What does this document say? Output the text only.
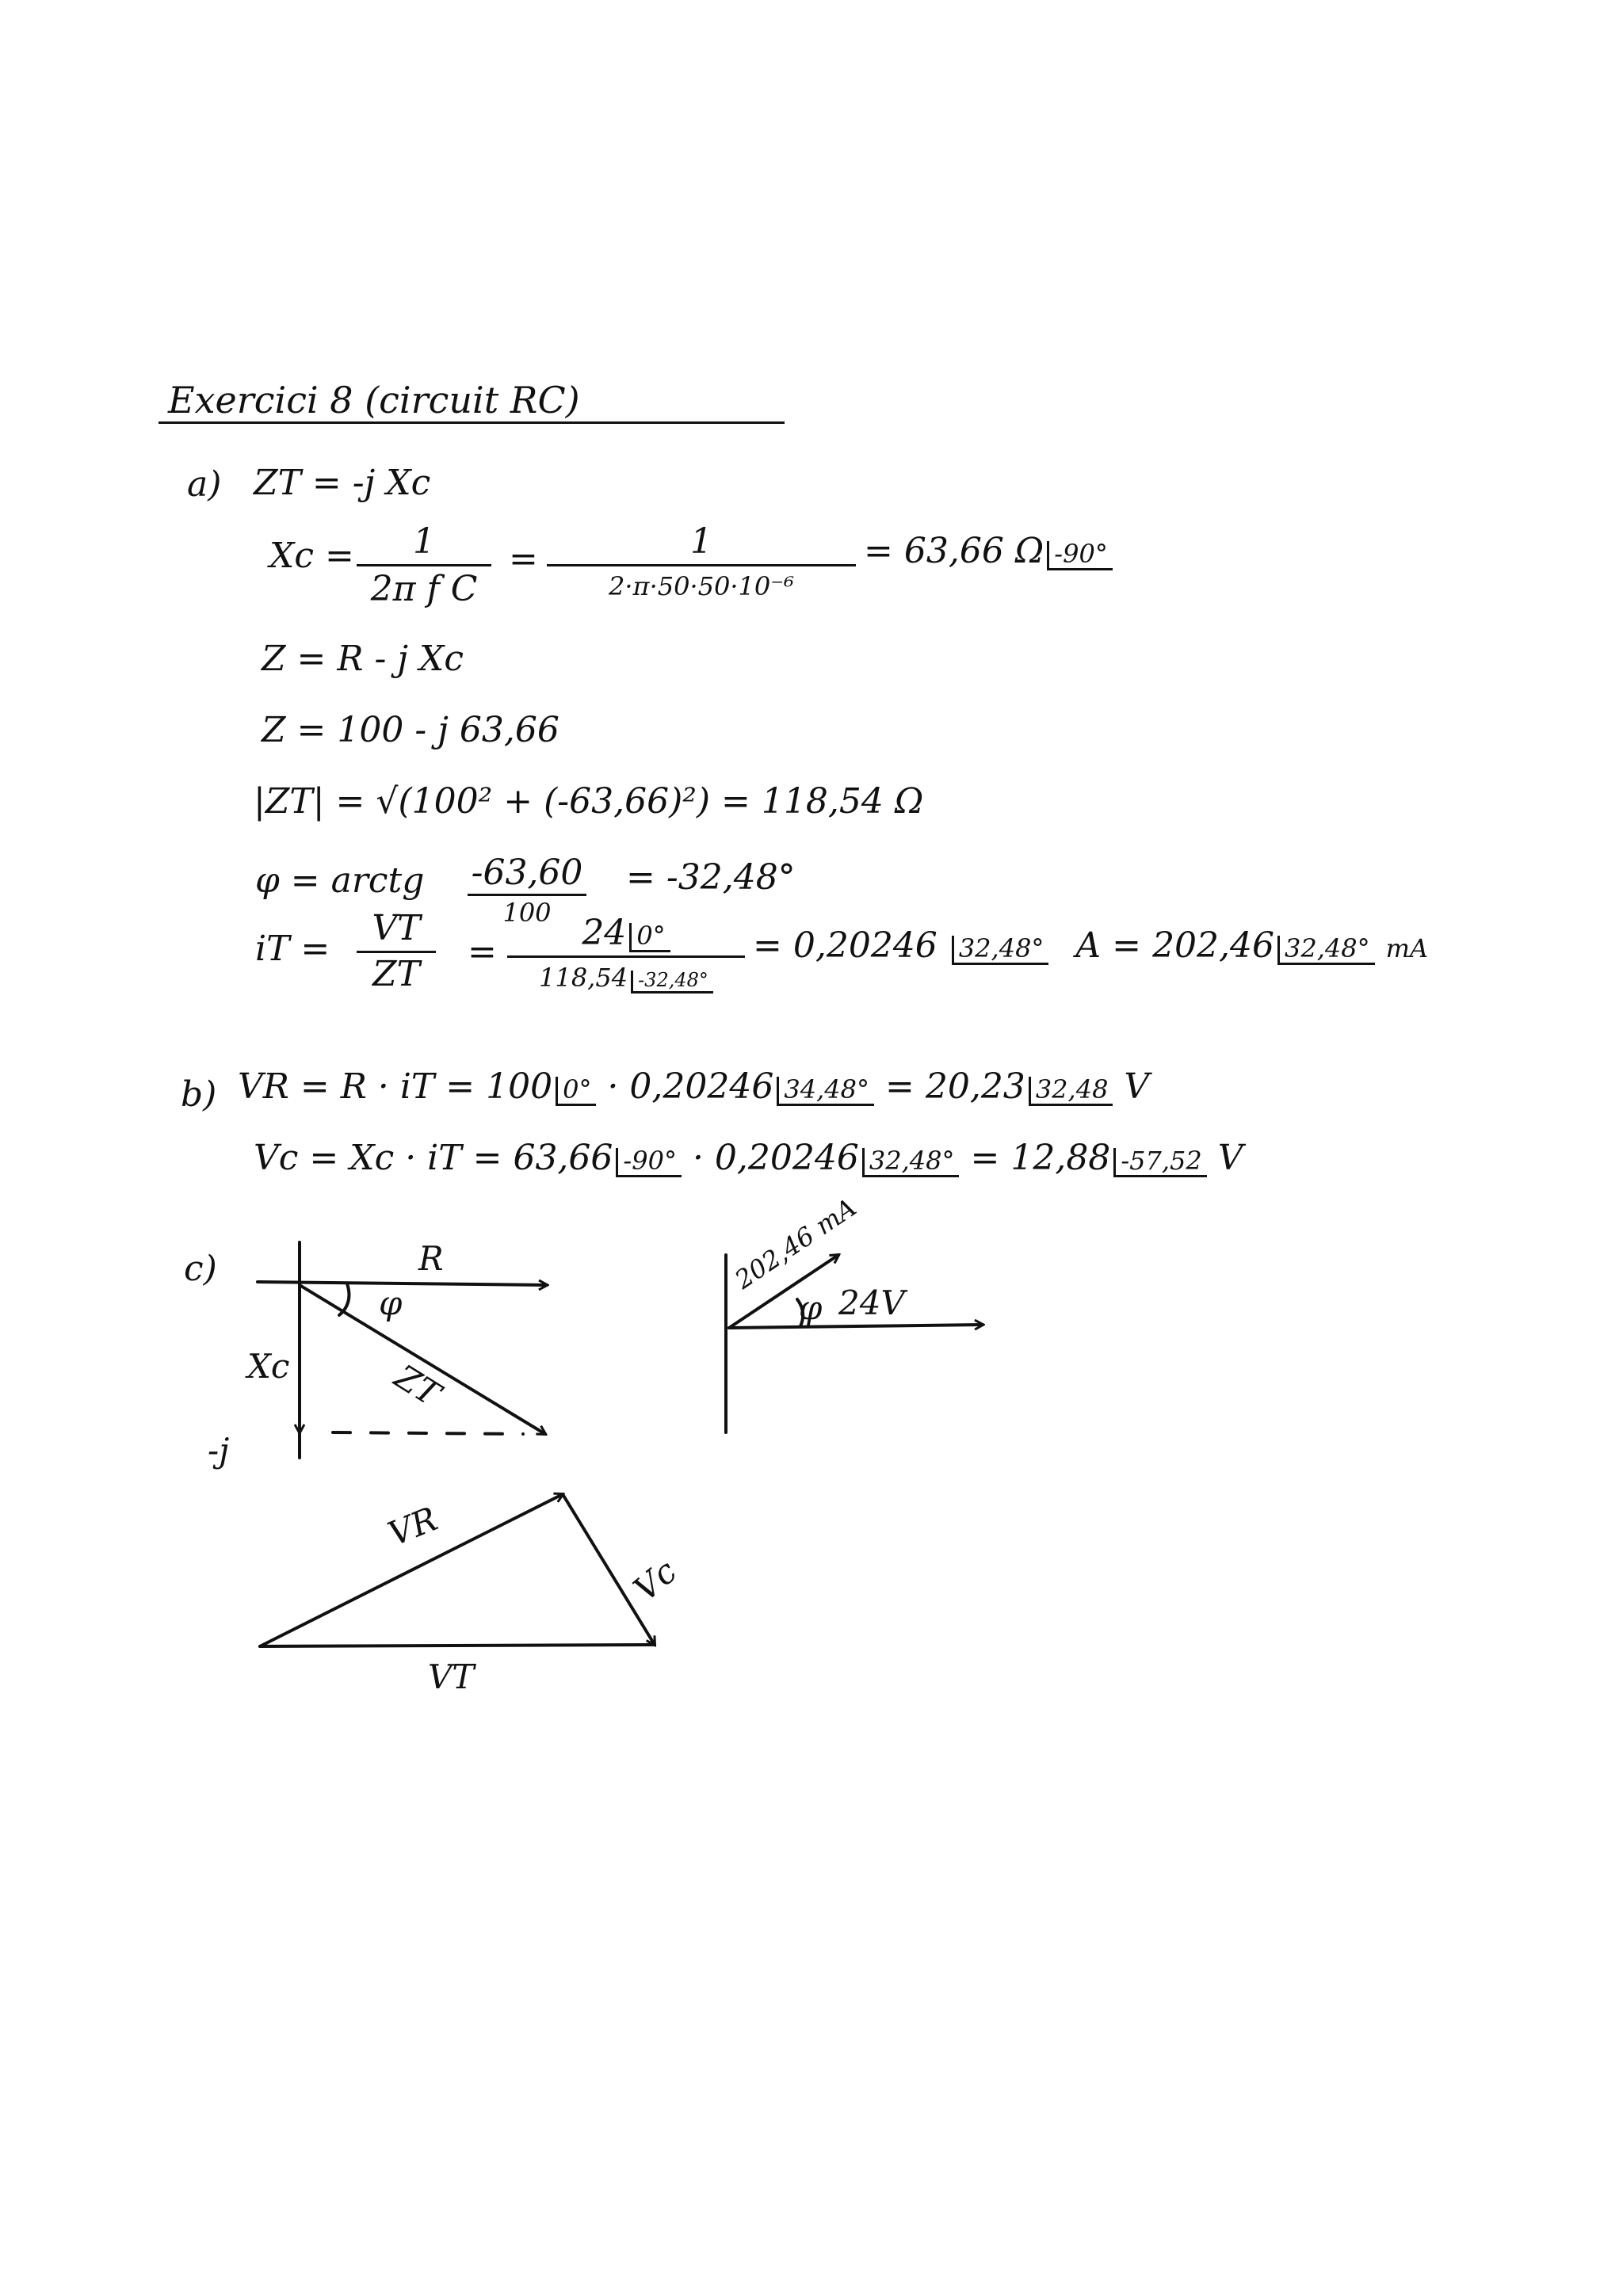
Exercici 8 (circuit RC)
a) ZT = -j Xc
Xc =	1
2π f C
=	1
2·π·50·50·10⁻⁶
= 63,66 Ω -90°
Z = R - j Xc
Z = 100 - j 63,66
|ZT| = √(100² + (-63,66)²) = 118,54 Ω
φ = arctg -63,60
100
= -32,48°
iT =
VT
ZT
=	24 0°
118,54 -32,48°
= 0,20246 32,48° A = 202,46 32,48° mA
b) VR = R · iT = 100 0° · 0,20246 34,48° = 20,23 32,48 V
Vc = Xc · iT = 63,66 -90° · 0,20246 32,48° = 12,88 -57,52 V
c)	R
φ
Xc	ZT
-j
202,46 mA
φ 24V
VR
Vc
VT
